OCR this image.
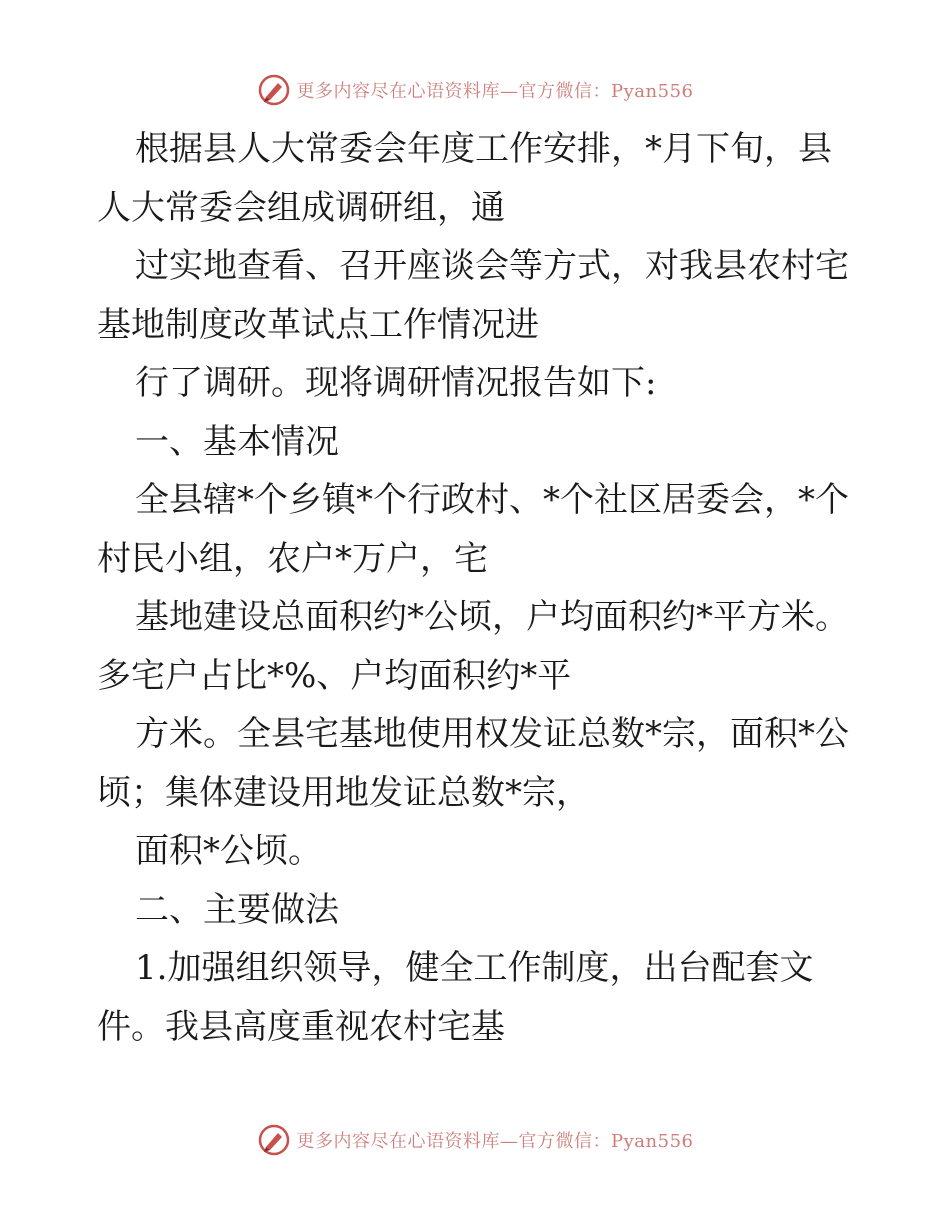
更多内容尽在心语资料库—官方微信：Pyan556
根据县人大常委会年度工作安排，*月下旬，县
人大常委会组成调研组，通
过实地查看、召开座谈会等方式，对我县农村宅
基地制度改革试点工作情况进
行了调研。现将调研情况报告如下:
一、基本情况
全县辖*个乡镇*个行政村、*个社区居委会，*个
村民小组，农户*万户，宅
基地建设总面积约*公顷，户均面积约*平方米。
多宅户占比*%、户均面积约*平
方米。全县宅基地使用权发证总数*宗，面积*公
顷；集体建设用地发证总数*宗，
面积*公顷。
二、主要做法
1.加强组织领导，健全工作制度，出台配套文
件。我县高度重视农村宅基
更多内容尽在心语资料库—官方微信：Pyan556
